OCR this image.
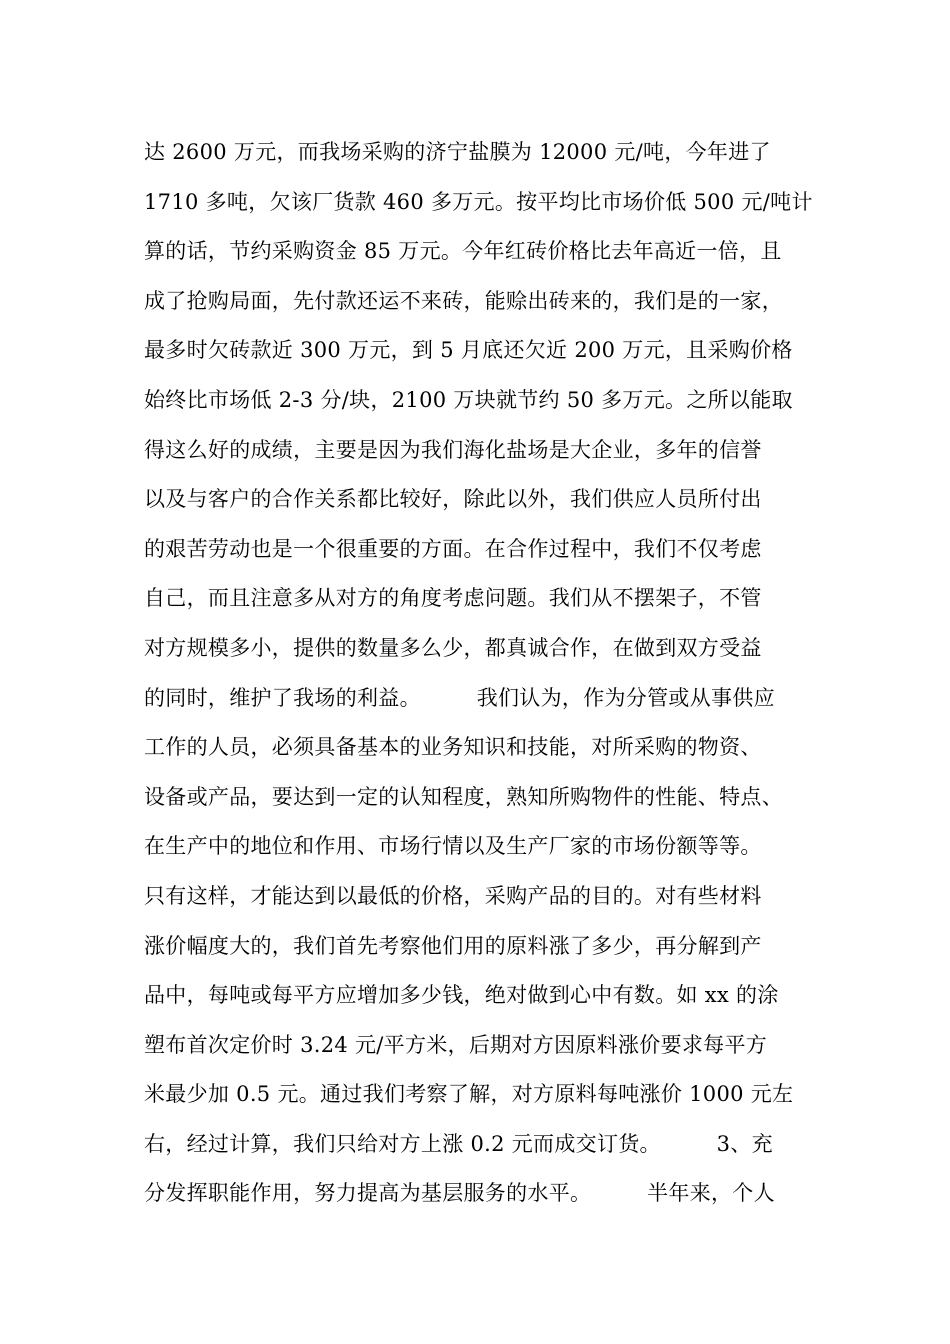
达 2600 万元，而我场采购的济宁盐膜为 12000 元/吨，今年进了
1710 多吨，欠该厂货款 460 多万元。按平均比市场价低 500 元/吨计
算的话，节约采购资金 85 万元。今年红砖价格比去年高近一倍，且
成了抢购局面，先付款还运不来砖，能赊出砖来的，我们是的一家，
最多时欠砖款近 300 万元，到 5 月底还欠近 200 万元，且采购价格
始终比市场低 2-3 分/块，2100 万块就节约 50 多万元。之所以能取
得这么好的成绩，主要是因为我们海化盐场是大企业，多年的信誉
以及与客户的合作关系都比较好，除此以外，我们供应人员所付出
的艰苦劳动也是一个很重要的方面。在合作过程中，我们不仅考虑
自己，而且注意多从对方的角度考虑问题。我们从不摆架子，不管
对方规模多小，提供的数量多么少，都真诚合作，在做到双方受益
的同时，维护了我场的利益。        我们认为，作为分管或从事供应
工作的人员，必须具备基本的业务知识和技能，对所采购的物资、
设备或产品，要达到一定的认知程度，熟知所购物件的性能、特点、
在生产中的地位和作用、市场行情以及生产厂家的市场份额等等。
只有这样，才能达到以最低的价格，采购产品的目的。对有些材料
涨价幅度大的，我们首先考察他们用的原料涨了多少，再分解到产
品中，每吨或每平方应增加多少钱，绝对做到心中有数。如 xx 的涂
塑布首次定价时 3.24 元/平方米，后期对方因原料涨价要求每平方
米最少加 0.5 元。通过我们考察了解，对方原料每吨涨价 1000 元左
右，经过计算，我们只给对方上涨 0.2 元而成交订货。        3、充
分发挥职能作用，努力提高为基层服务的水平。        半年来，个人
